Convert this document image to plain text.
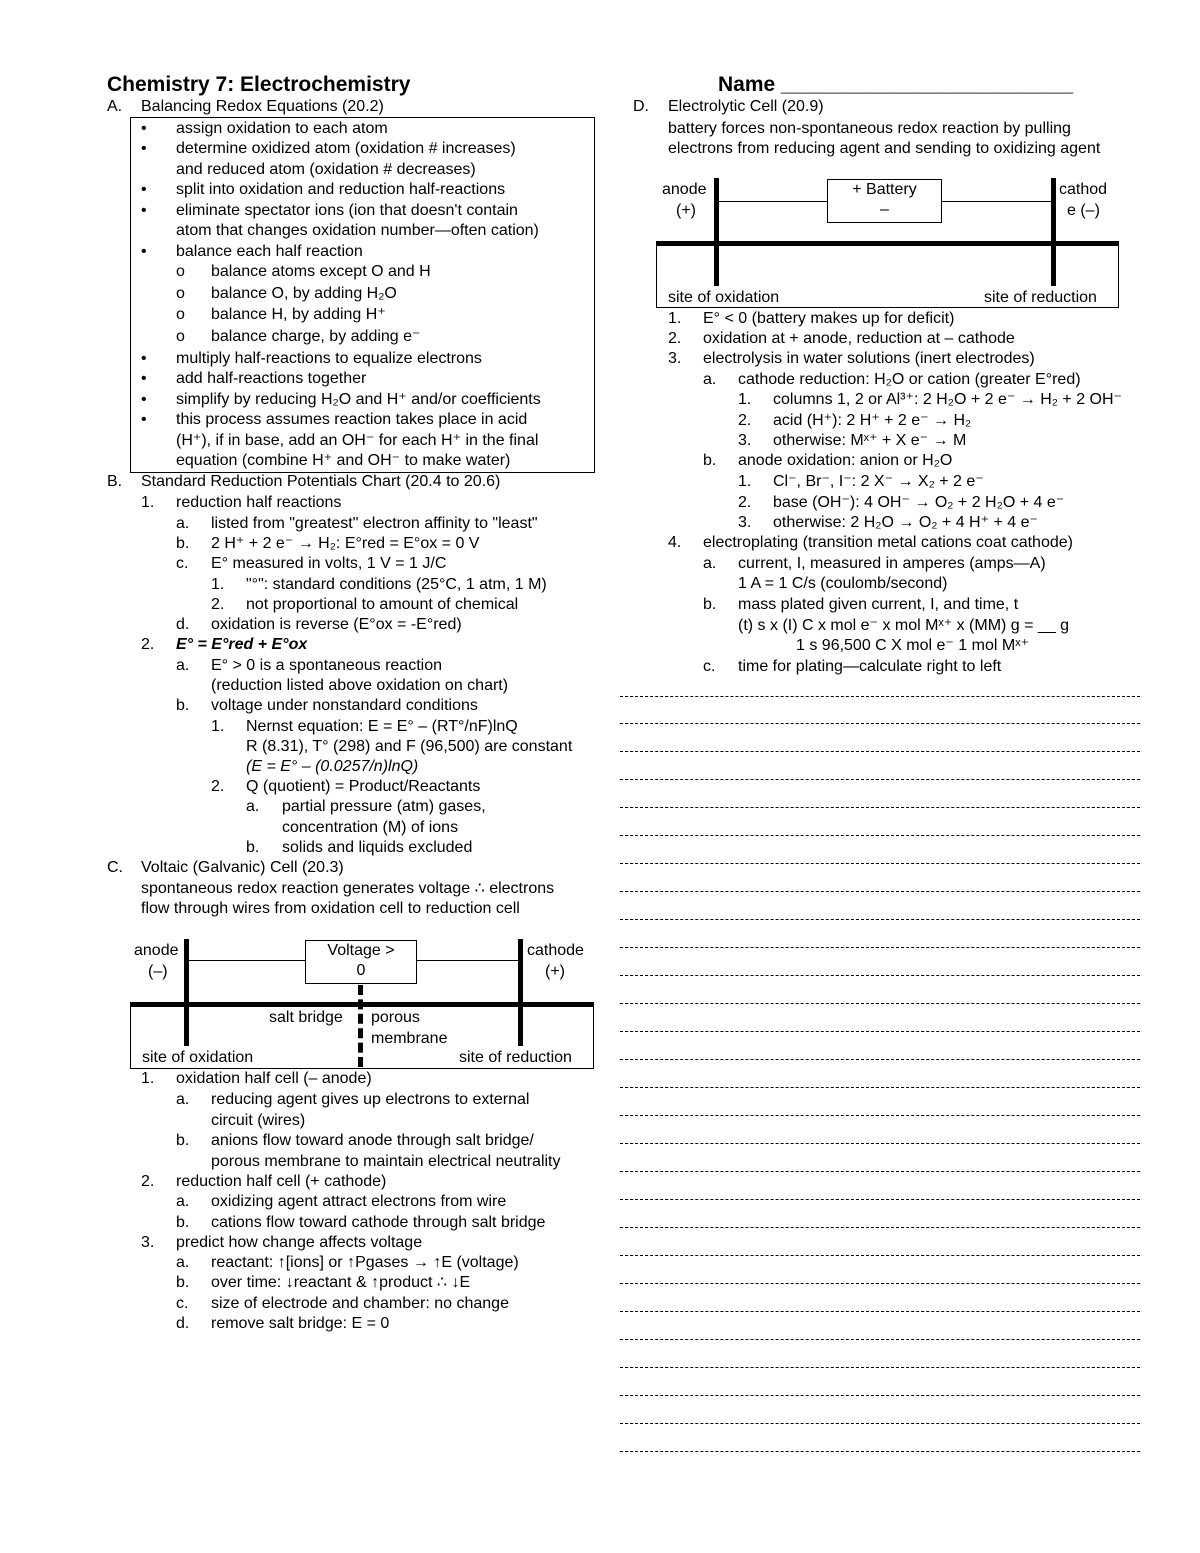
Chemistry 7: Electrochemistry	Name _________________________
A. Balancing Redox Equations (20.2)
• assign oxidation to each atom
• determine oxidized atom (oxidation # increases)
and reduced atom (oxidation # decreases)
• split into oxidation and reduction half-reactions
• eliminate spectator ions (ion that doesn't contain
atom that changes oxidation number—often cation)
• balance each half reaction
o balance atoms except O and H
o balance O, by adding H₂O
o balance H, by adding H⁺
o balance charge, by adding e⁻
• multiply half-reactions to equalize electrons
• add half-reactions together
• simplify by reducing H₂O and H⁺ and/or coefficients
• this process assumes reaction takes place in acid
(H⁺), if in base, add an OH⁻ for each H⁺ in the final
equation (combine H⁺ and OH⁻ to make water)
B. Standard Reduction Potentials Chart (20.4 to 20.6)
1. reduction half reactions
a. listed from "greatest" electron affinity to "least"
b. 2 H⁺ + 2 e⁻ → H₂: E°red = E°ox = 0 V
c. E° measured in volts, 1 V = 1 J/C
1. "°": standard conditions (25°C, 1 atm, 1 M)
2. not proportional to amount of chemical
d. oxidation is reverse (E°ox = -E°red)
2. E° = E°red + E°ox
a. E° > 0 is a spontaneous reaction
(reduction listed above oxidation on chart)
b. voltage under nonstandard conditions
1. Nernst equation: E = E° – (RT°/nF)lnQ
R (8.31), T° (298) and F (96,500) are constant
(E = E° – (0.0257/n)lnQ)
2. Q (quotient) = Product/Reactants
a. partial pressure (atm) gases,
concentration (M) of ions
b. solids and liquids excluded
C. Voltaic (Galvanic) Cell (20.3)
spontaneous redox reaction generates voltage ∴ electrons
flow through wires from oxidation cell to reduction cell
Voltage >
0
anode
(–)
cathode
(+)
salt bridge porous
membrane
site of oxidation	site of reduction
1. oxidation half cell (– anode)
a. reducing agent gives up electrons to external
circuit (wires)
b. anions flow toward anode through salt bridge/
porous membrane to maintain electrical neutrality
2. reduction half cell (+ cathode)
a. oxidizing agent attract electrons from wire
b. cations flow toward cathode through salt bridge
3. predict how change affects voltage
a. reactant: ↑[ions] or ↑Pgases → ↑E (voltage)
b. over time: ↓reactant & ↑product ∴ ↓E
c. size of electrode and chamber: no change
d. remove salt bridge: E = 0
D. Electrolytic Cell (20.9)
battery forces non-spontaneous redox reaction by pulling
electrons from reducing agent and sending to oxidizing agent
+ Battery
–
anode
(+)
cathod
e (–)
site of oxidation	site of reduction
1. E° < 0 (battery makes up for deficit)
2. oxidation at + anode, reduction at – cathode
3. electrolysis in water solutions (inert electrodes)
a. cathode reduction: H₂O or cation (greater E°red)
1. columns 1, 2 or Al³⁺: 2 H₂O + 2 e⁻ → H₂ + 2 OH⁻
2. acid (H⁺): 2 H⁺ + 2 e⁻ → H₂
3. otherwise: Mˣ⁺ + X e⁻ → M
b. anode oxidation: anion or H₂O
1. Cl⁻, Br⁻, I⁻: 2 X⁻ → X₂ + 2 e⁻
2. base (OH⁻): 4 OH⁻ → O₂ + 2 H₂O + 4 e⁻
3. otherwise: 2 H₂O → O₂ + 4 H⁺ + 4 e⁻
4. electroplating (transition metal cations coat cathode)
a. current, I, measured in amperes (amps—A)
1 A = 1 C/s (coulomb/second)
b. mass plated given current, I, and time, t
(t) s x (I) C x mol e⁻ x mol Mˣ⁺ x (MM) g = __ g
1 s 96,500 C X mol e⁻ 1 mol Mˣ⁺
c. time for plating—calculate right to left
